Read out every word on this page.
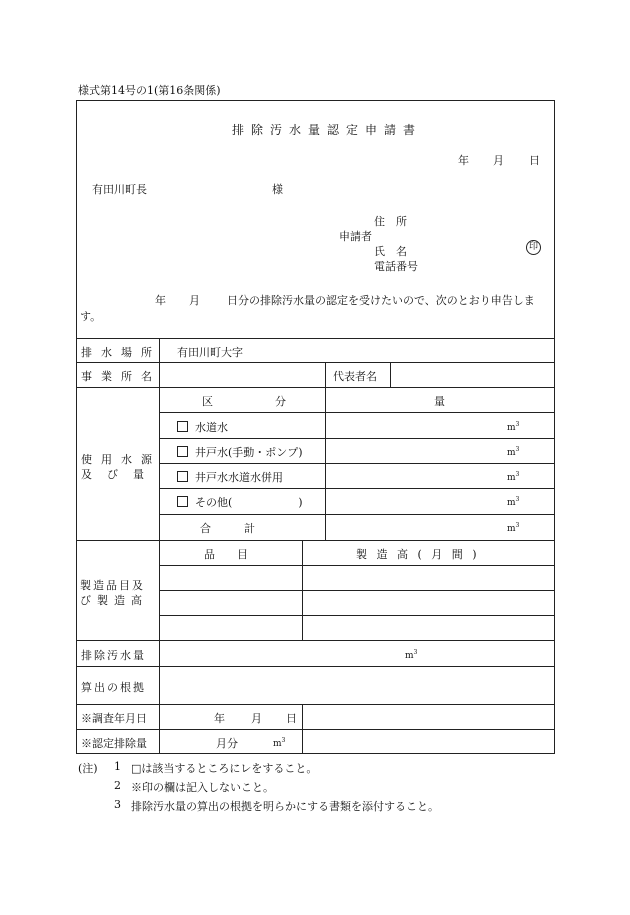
様式第14号の1(第16条関係)
排除汚水量認定申請書
年 月 日
有田川町長	様
住　所
申請者
氏　名	印
電話番号
年 月 日分の排除汚水量の認定を受けたいので、次のとおり申告しま
す。
排水場所 有田川町大字
事業所名	代表者名
使用水源
及び量
区分	量
水道水	$m^3$
井戸水(手動・ポンプ)	$m^3$
井戸水水道水併用	$m^3$
その他(　　　　　　)	$m^3$
合　　　計	$m^3$
製造品目及
び製造高
品　　目	製 造 高 ( 月 間 )
排除汚水量	$m^3$
算出の根拠
※調査年月日	年 月 日
※認定排除量	月分	$m^3$
(注) 1 □は該当するところにレをすること。
2 ※印の欄は記入しないこと。
3 排除汚水量の算出の根拠を明らかにする書類を添付すること。
